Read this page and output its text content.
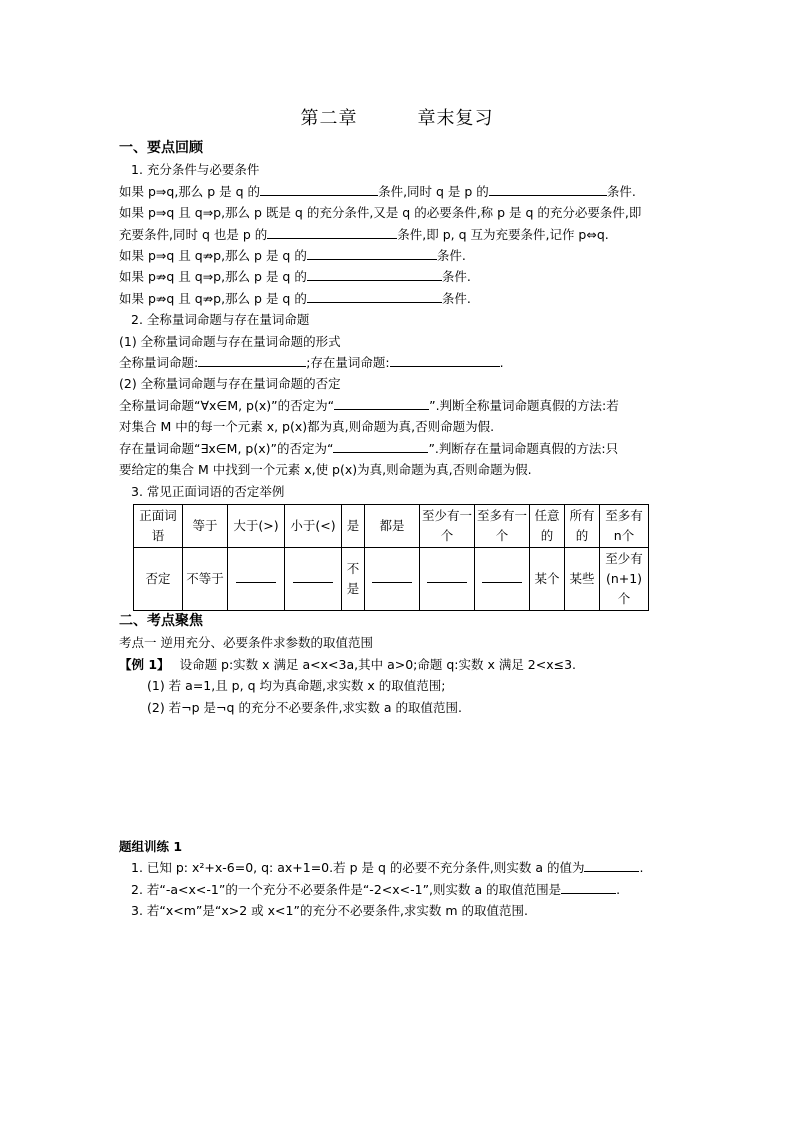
第二章	章末复习
一、要点回顾
1. 充分条件与必要条件
如果 p⇒q,那么 p 是 q 的	条件,同时 q 是 p 的	条件.
如果 p⇒q 且 q⇒p,那么 p 既是 q 的充分条件,又是 q 的必要条件,称 p 是 q 的充分必要条件,即
充要条件,同时 q 也是 p 的	条件,即 p, q 互为充要条件,记作 p⇔q.
如果 p⇒q 且 q⇏p,那么 p 是 q 的	条件.
如果 p⇏q 且 q⇒p,那么 p 是 q 的	条件.
如果 p⇏q 且 q⇏p,那么 p 是 q 的	条件.
2. 全称量词命题与存在量词命题
(1) 全称量词命题与存在量词命题的形式
全称量词命题:	;存在量词命题:	.
(2) 全称量词命题与存在量词命题的否定
全称量词命题“∀x∈M, p(x)”的否定为“	”.判断全称量词命题真假的方法:若
对集合 M 中的每一个元素 x, p(x)都为真,则命题为真,否则命题为假.
存在量词命题“∃x∈M, p(x)”的否定为“	”.判断存在量词命题真假的方法:只
要给定的集合 M 中找到一个元素 x,使 p(x)为真,则命题为真,否则命题为假.
3. 常见正面词语的否定举例
正面词语	等于	大于(>)	小于(<)	是	都是	至少有一个	至多有一个	任意的	所有的	至多有n个
否定	不等于			不是				某个	某些	至少有(n+1)个
二、考点聚焦
考点一 逆用充分、必要条件求参数的取值范围
【例 1】 设命题 p:实数 x 满足 a<x<3a,其中 a>0;命题 q:实数 x 满足 2<x≤3.
(1) 若 a=1,且 p, q 均为真命题,求实数 x 的取值范围;
(2) 若¬p 是¬q 的充分不必要条件,求实数 a 的取值范围.
题组训练 1
1. 已知 p: x²+x-6=0, q: ax+1=0.若 p 是 q 的必要不充分条件,则实数 a 的值为	.
2. 若“-a<x<-1”的一个充分不必要条件是“-2<x<-1”,则实数 a 的取值范围是	.
3. 若“x<m”是“x>2 或 x<1”的充分不必要条件,求实数 m 的取值范围.
